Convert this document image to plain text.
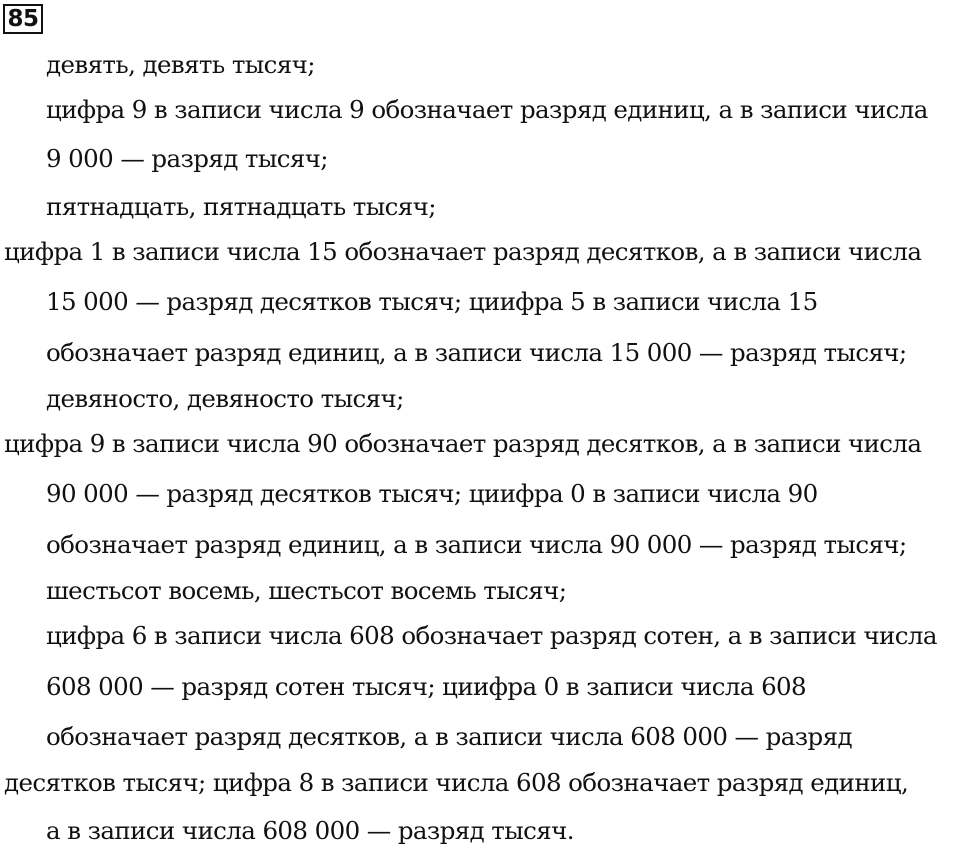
85
девять, девять тысяч;
цифра 9 в записи числа 9 обозначает разряд единиц, а в записи числа
9 000 — разряд тысяч;
пятнадцать, пятнадцать тысяч;
цифра 1 в записи числа 15 обозначает разряд десятков, а в записи числа
15 000 — разряд десятков тысяч; циифра 5 в записи числа 15
обозначает разряд единиц, а в записи числа 15 000 — разряд тысяч;
девяносто, девяносто тысяч;
цифра 9 в записи числа 90 обозначает разряд десятков, а в записи числа
90 000 — разряд десятков тысяч; циифра 0 в записи числа 90
обозначает разряд единиц, а в записи числа 90 000 — разряд тысяч;
шестьсот восемь, шестьсот восемь тысяч;
цифра 6 в записи числа 608 обозначает разряд сотен, а в записи числа
608 000 — разряд сотен тысяч; циифра 0 в записи числа 608
обозначает разряд десятков, а в записи числа 608 000 — разряд
десятков тысяч; цифра 8 в записи числа 608 обозначает разряд единиц,
а в записи числа 608 000 — разряд тысяч.
